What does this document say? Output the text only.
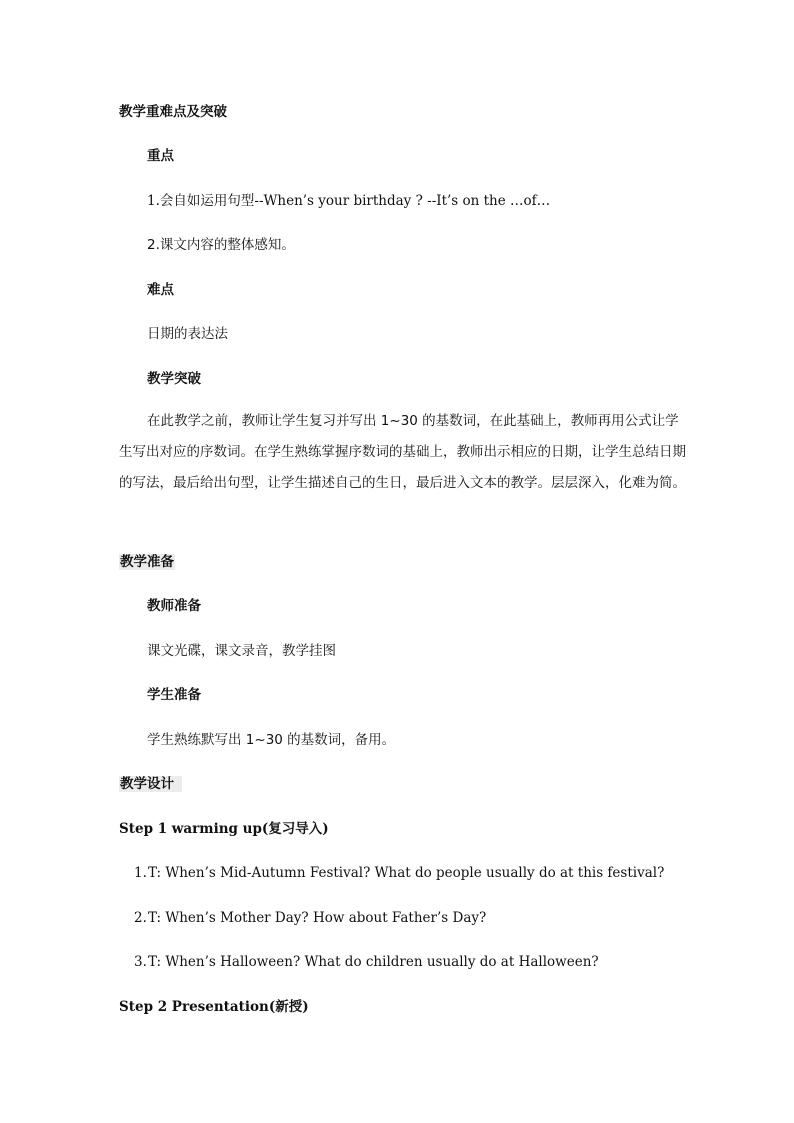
教学重难点及突破
重点
1.会自如运用句型--When’s your birthday ? --It’s on the …of…
2.课文内容的整体感知。
难点
日期的表达法
教学突破
在此教学之前，教师让学生复习并写出 1~30 的基数词，在此基础上，教师再用公式让学生写出对应的序数词。在学生熟练掌握序数词的基础上，教师出示相应的日期，让学生总结日期的写法，最后给出句型，让学生描述自己的生日，最后进入文本的教学。层层深入，化难为简。
教学准备
教师准备
课文光碟，课文录音，教学挂图
学生准备
学生熟练默写出 1~30 的基数词，备用。
教学设计
Step 1 warming up(复习导入)
1.T: When’s Mid-Autumn Festival? What do people usually do at this festival?
2.T: When’s Mother Day? How about Father’s Day?
3.T: When’s Halloween? What do children usually do at Halloween?
Step 2 Presentation(新授)
